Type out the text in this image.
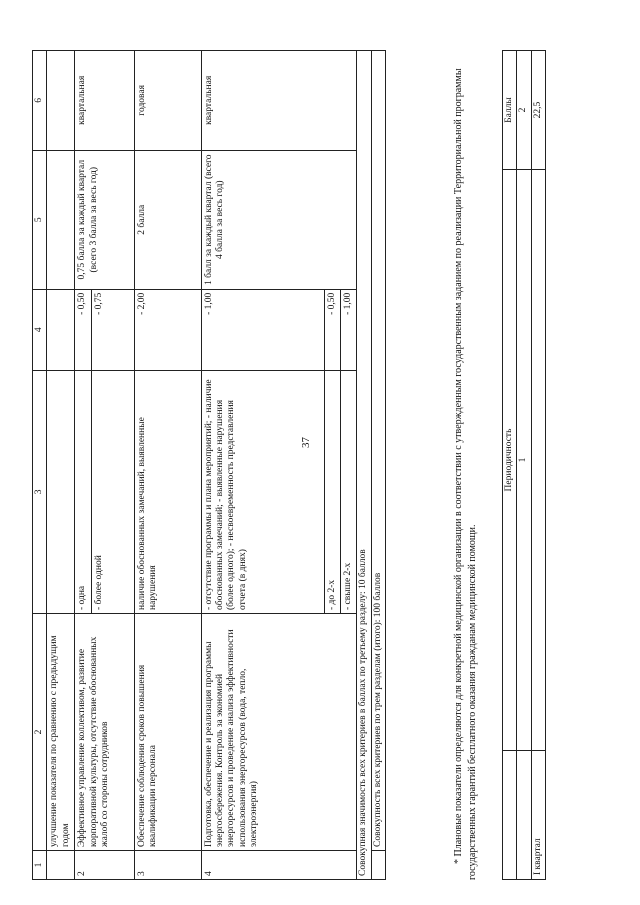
37
1	2	3	4	5	6
	улучшение показателя по сравнению с предыдущим годом				
2	Эффективное управление коллективом, развитие корпоративной культуры, отсутствие обоснованных жалоб со стороны сотрудников	- одна	- 0,50	0,75 балла за каждый квартал (всего 3 балла за весь год)	квартальная
		- более одной	- 0,75		
3	Обеспечение соблюдения сроков повышения квалификации персонала	наличие обоснованных замечаний, выявленные нарушения	- 2,00	2 балла	годовая
4	Подготовка, обеспечение и реализация программы энергосбережения. Контроль за экономией энергоресурсов и проведение анализа эффективности использования энергоресурсов (вода, тепло, электроэнергия)	- отсутствие программы и плана мероприятий; - наличие обоснованных замечаний; - выявленные нарушения (более одного); - несвоевременность представления отчета (в днях)	- 1,00	1 балл за каждый квартал (всего 4 балла за весь год)	квартальная
		- до 2-х	- 0,50		
		- свыше 2-х	- 1,00		
Совокупная значимость всех критериев в баллах по третьему разделу: 10 баллов					
	Совокупность всех критериев по трем разделам (итого): 100 баллов					* Плановые показатели определяются для конкретной медицинской организации в соответствии с утвержденным государственным заданием по реализации Территориальной программы государственных гарантий бесплатного оказания гражданам медицинской помощи.
	Периодичность	Баллы
	1	2
I квартал		22,5
